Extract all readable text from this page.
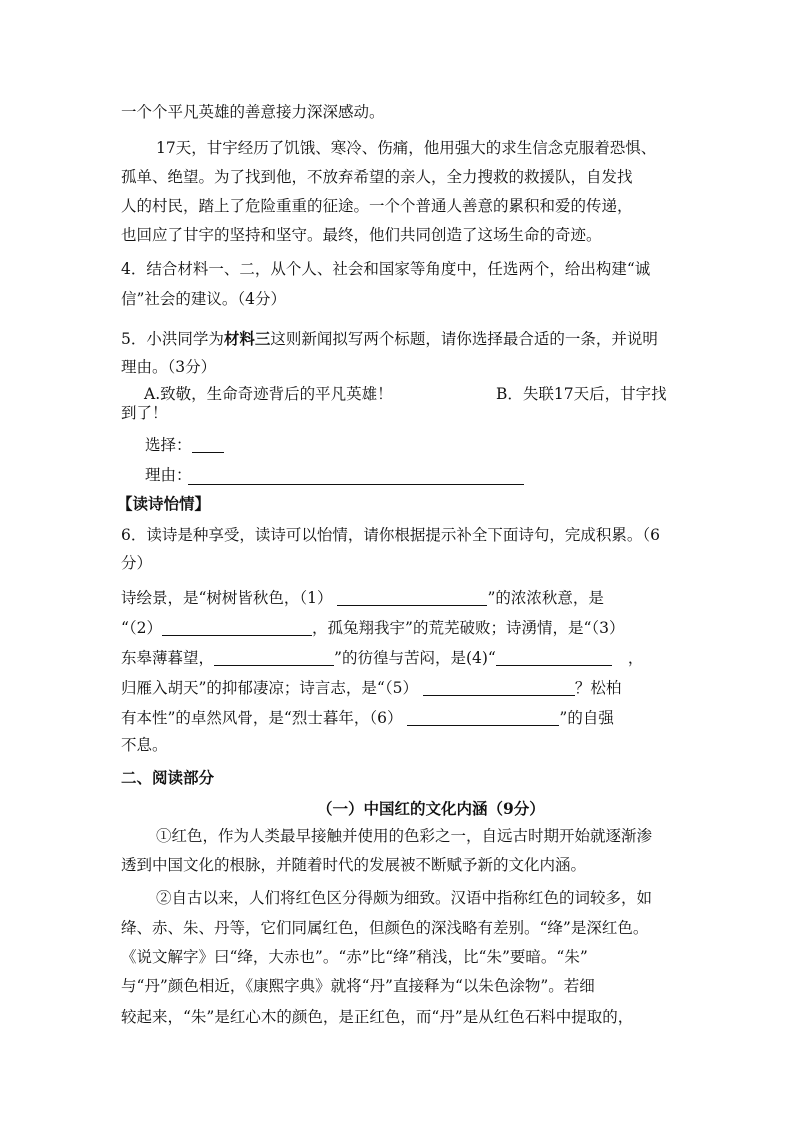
一个个平凡英雄的善意接力深深感动。
17天，甘宇经历了饥饿、寒冷、伤痛，他用强大的求生信念克服着恐惧、
孤单、绝望。为了找到他，不放弃希望的亲人，全力搜救的救援队，自发找
人的村民，踏上了危险重重的征途。一个个普通人善意的累积和爱的传递，
也回应了甘宇的坚持和坚守。最终，他们共同创造了这场生命的奇迹。
4．结合材料一、二，从个人、社会和国家等角度中，任选两个，给出构建“诚
信”社会的建议。（4分）
5．小洪同学为材料三这则新闻拟写两个标题，请你选择最合适的一条，并说明
理由。（3分）
A.致敬，生命奇迹背后的平凡英雄！	B．失联17天后，甘宇找
到了！
选择：
理由：
【读诗怡情】
6．读诗是种享受，读诗可以怡情，请你根据提示补全下面诗句，完成积累。（6
分）
诗绘景，是“树树皆秋色，（1）	”的浓浓秋意，是
“（2）	，孤兔翔我宇”的荒芜破败；诗湧情，是“（3）
东皋薄暮望，	”的彷徨与苦闷，是(4)“	，
归雁入胡天”的抑郁凄凉；诗言志，是“（5）	？松柏
有本性”的卓然风骨，是“烈士暮年，（6）	”的自强
不息。
二、阅读部分
（一）中国红的文化内涵（9分）
①红色，作为人类最早接触并使用的色彩之一，自远古时期开始就逐渐渗
透到中国文化的根脉，并随着时代的发展被不断赋予新的文化内涵。
②自古以来，人们将红色区分得颇为细致。汉语中指称红色的词较多，如
绛、赤、朱、丹等，它们同属红色，但颜色的深浅略有差别。“绛”是深红色。
《说文解字》曰“绛，大赤也”。“赤”比“绛”稍浅，比“朱”要暗。“朱”
与“丹”颜色相近，《康熙字典》就将“丹”直接释为“以朱色涂物”。若细
较起来，“朱”是红心木的颜色，是正红色，而“丹”是从红色石料中提取的，
